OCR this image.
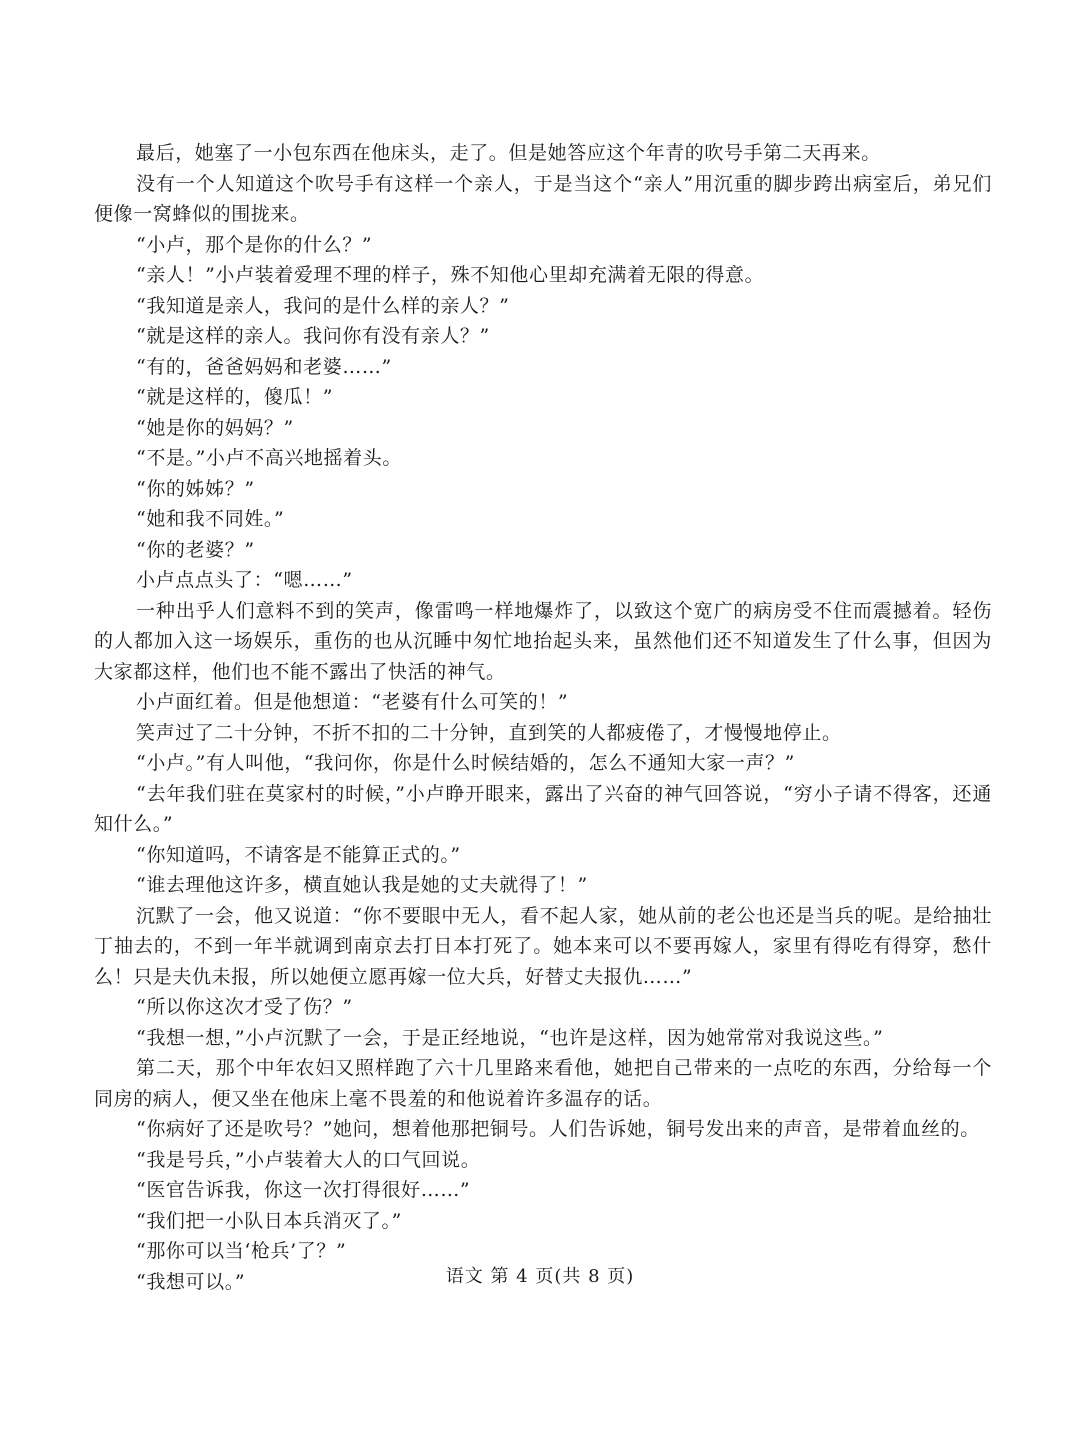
最后，她塞了一小包东西在他床头，走了。但是她答应这个年青的吹号手第二天再来。

没有一个人知道这个吹号手有这样一个亲人，于是当这个“亲人”用沉重的脚步跨出病室后，弟兄们便像一窝蜂似的围拢来。

“小卢，那个是你的什么？”

“亲人！”小卢装着爱理不理的样子，殊不知他心里却充满着无限的得意。

“我知道是亲人，我问的是什么样的亲人？”

“就是这样的亲人。我问你有没有亲人？”

“有的，爸爸妈妈和老婆……”

“就是这样的，傻瓜！”

“她是你的妈妈？”

“不是。”小卢不高兴地摇着头。

“你的姊姊？”

“她和我不同姓。”

“你的老婆？”

小卢点点头了：“嗯……”

一种出乎人们意料不到的笑声，像雷鸣一样地爆炸了，以致这个宽广的病房受不住而震撼着。轻伤的人都加入这一场娱乐，重伤的也从沉睡中匆忙地抬起头来，虽然他们还不知道发生了什么事，但因为大家都这样，他们也不能不露出了快活的神气。

小卢面红着。但是他想道：“老婆有什么可笑的！”

笑声过了二十分钟，不折不扣的二十分钟，直到笑的人都疲倦了，才慢慢地停止。

“小卢。”有人叫他，“我问你，你是什么时候结婚的，怎么不通知大家一声？”

“去年我们驻在莫家村的时候，”小卢睁开眼来，露出了兴奋的神气回答说，“穷小子请不得客，还通知什么。”

“你知道吗，不请客是不能算正式的。”

“谁去理他这许多，横直她认我是她的丈夫就得了！”

沉默了一会，他又说道：“你不要眼中无人，看不起人家，她从前的老公也还是当兵的呢。是给抽壮丁抽去的，不到一年半就调到南京去打日本打死了。她本来可以不要再嫁人，家里有得吃有得穿，愁什么！只是夫仇未报，所以她便立愿再嫁一位大兵，好替丈夫报仇……”

“所以你这次才受了伤？”

“我想一想，”小卢沉默了一会，于是正经地说，“也许是这样，因为她常常对我说这些。”

第二天，那个中年农妇又照样跑了六十几里路来看他，她把自己带来的一点吃的东西，分给每一个同房的病人，便又坐在他床上毫不畏羞的和他说着许多温存的话。

“你病好了还是吹号？”她问，想着他那把铜号。人们告诉她，铜号发出来的声音，是带着血丝的。

“我是号兵，”小卢装着大人的口气回说。

“医官告诉我，你这一次打得很好……”

“我们把一小队日本兵消灭了。”

“那你可以当‘枪兵’了？”

“我想可以。”	语文 第 4 页(共 8 页)
